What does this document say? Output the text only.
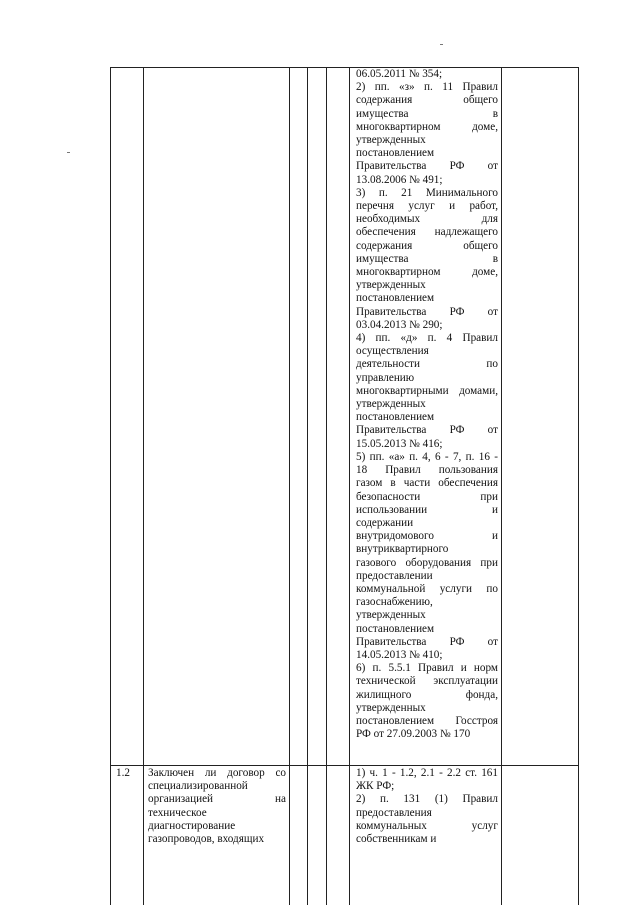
06.05.2011 № 354;
2) пп. «з» п. 11 Правил
содержания общего
имущества в
многоквартирном доме,
утвержденных
постановлением
Правительства РФ от
13.08.2006 № 491;
3) п. 21 Минимального
перечня услуг и работ,
необходимых для
обеспечения надлежащего
содержания общего
имущества в
многоквартирном доме,
утвержденных
постановлением
Правительства РФ от
03.04.2013 № 290;
4) пп. «д» п. 4 Правил
осуществления
деятельности по
управлению
многоквартирными домами,
утвержденных
постановлением
Правительства РФ от
15.05.2013 № 416;
5) пп. «а» п. 4, 6 - 7, п. 16 -
18 Правил пользования
газом в части обеспечения
безопасности при
использовании и
содержании
внутридомового и
внутриквартирного
газового оборудования при
предоставлении
коммунальной услуги по
газоснабжению,
утвержденных
постановлением
Правительства РФ от
14.05.2013 № 410;
6) п. 5.5.1 Правил и норм
технической эксплуатации
жилищного фонда,
утвержденных
постановлением Госстроя
РФ от 27.09.2003 № 170
1.2 Заключен ли договор со
специализированной
организацией на
техническое
диагностирование
газопроводов, входящих
1) ч. 1 - 1.2, 2.1 - 2.2 ст. 161
ЖК РФ;
2) п. 131 (1) Правил
предоставления
коммунальных услуг
собственникам и
